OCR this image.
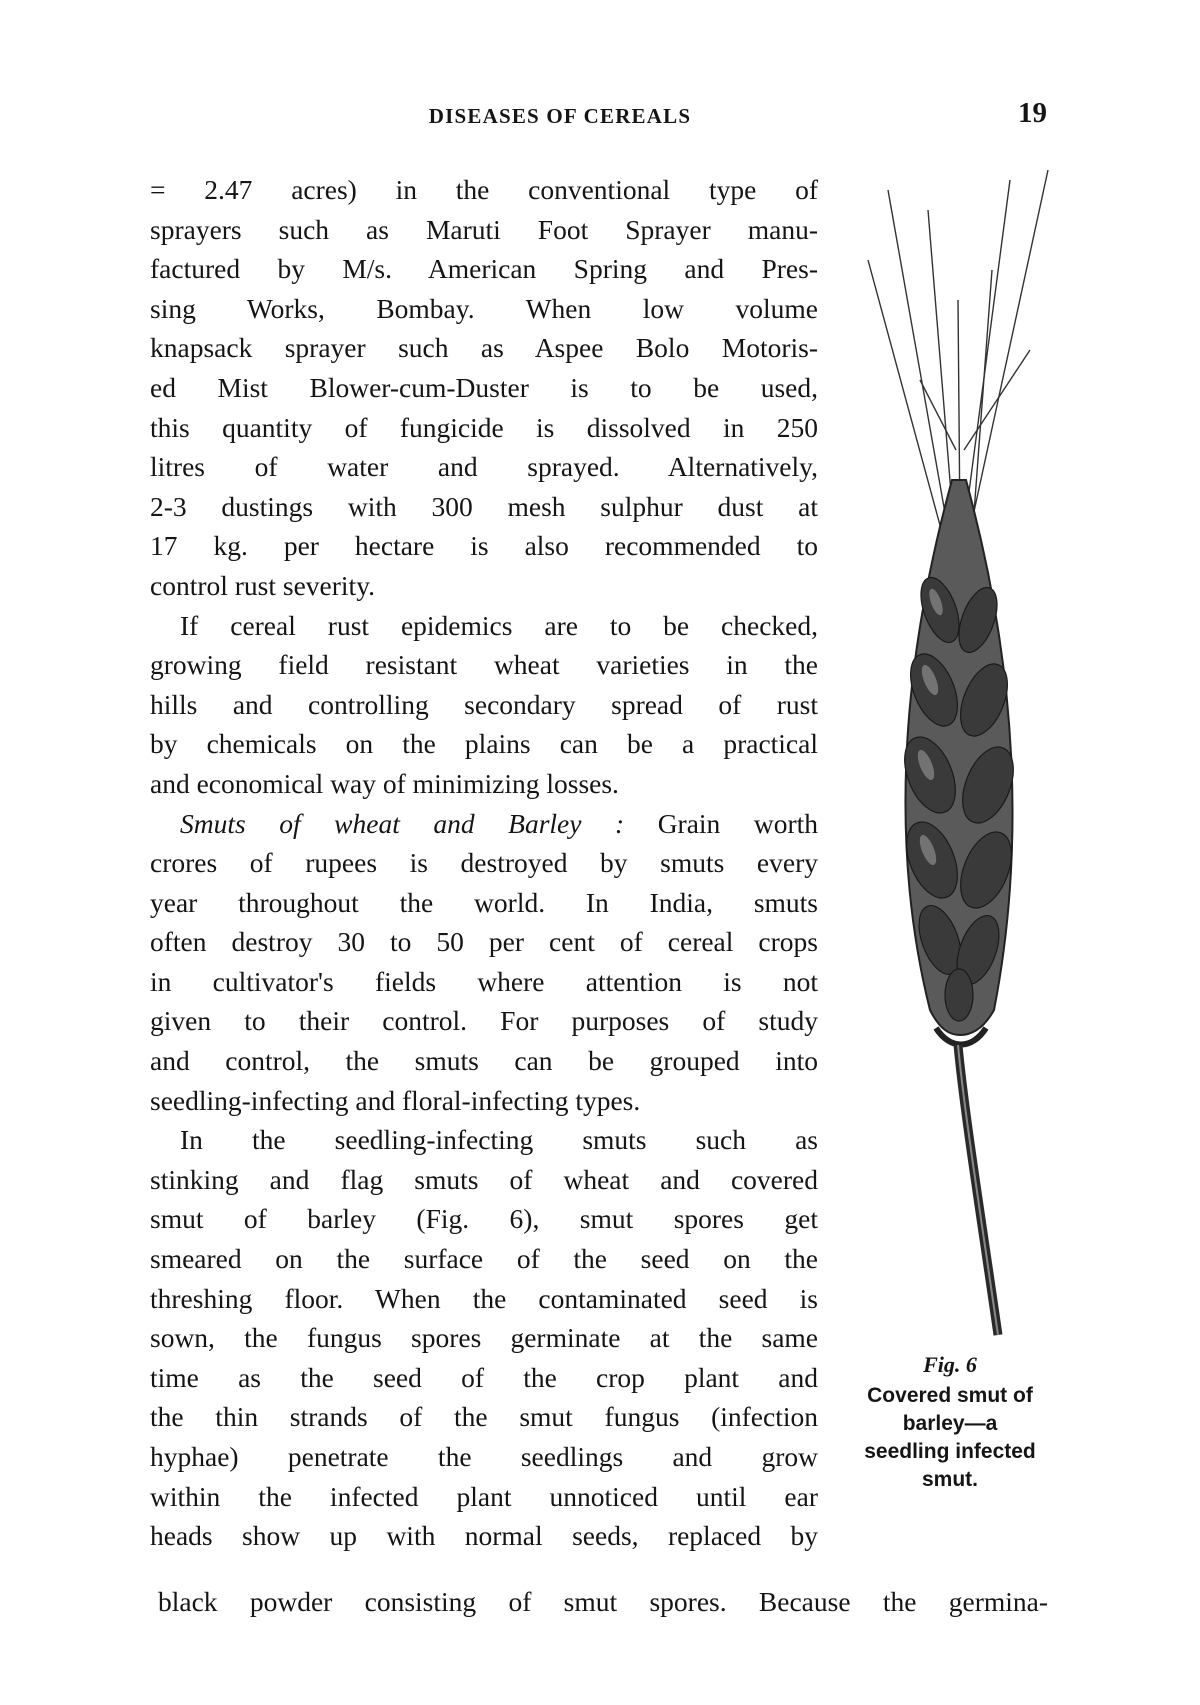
DISEASES OF CEREALS	19
= 2.47 acres) in the conventional type of
sprayers such as Maruti Foot Sprayer manu-
factured by M/s. American Spring and Pres-
sing Works, Bombay. When low volume
knapsack sprayer such as Aspee Bolo Motoris-
ed Mist Blower-cum-Duster is to be used,
this quantity of fungicide is dissolved in 250
litres of water and sprayed. Alternatively,
2-3 dustings with 300 mesh sulphur dust at
17 kg. per hectare is also recommended to
control rust severity.
If cereal rust epidemics are to be checked,
growing field resistant wheat varieties in the
hills and controlling secondary spread of rust
by chemicals on the plains can be a practical
and economical way of minimizing losses.
Smuts of wheat and Barley : Grain worth
crores of rupees is destroyed by smuts every
year throughout the world. In India, smuts
often destroy 30 to 50 per cent of cereal crops
in cultivator's fields where attention is not
given to their control. For purposes of study
and control, the smuts can be grouped into
seedling-infecting and floral-infecting types.
In the seedling-infecting smuts such as
stinking and flag smuts of wheat and covered
smut of barley (Fig. 6), smut spores get
smeared on the surface of the seed on the
threshing floor. When the contaminated seed is
sown, the fungus spores germinate at the same
time as the seed of the crop plant and
the thin strands of the smut fungus (infection
hyphae) penetrate the seedlings and grow
within the infected plant unnoticed until ear
heads show up with normal seeds, replaced by
black powder consisting of smut spores. Because the germina-
Fig. 6
Covered smut of
barley—a
seedling infected
smut.
